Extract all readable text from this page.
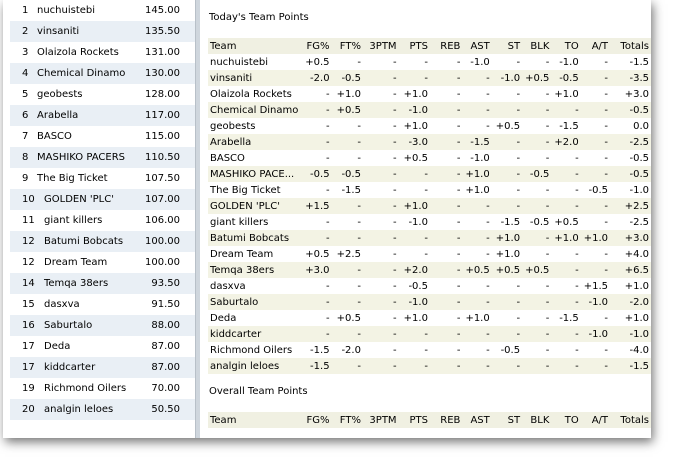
1 nuchuistebi	145.00
2 vinsaniti	135.50
3 Olaizola Rockets	131.00
4 Chemical Dinamo 130.00
5 geobests	128.00
6 Arabella	117.00
7 BASCO	115.00
8 MASHIKO PACERS 110.50
9 The Big Ticket	107.50
10 GOLDEN 'PLC'	107.00
11 giant killers	106.00
12 Batumi Bobcats 100.00
12 Dream Team	100.00
14 Temqa 38ers	93.50
15 dasxva	91.50
16 Saburtalo	88.00
17 Deda	87.00
17 kiddcarter	87.00
19 Richmond Oilers	70.00
20 analgin leloes	50.50
Today's Team Points
Team	FG%	FT%	3PTM	PTS	REB	AST	ST	BLK	TO	A/T	Totals
nuchuistebi	+0.5	-	-	-	-	-1.0	-	-	-1.0	-	-1.5
vinsaniti	-2.0	-0.5	-	-	-	-	-1.0	+0.5	-0.5	-	-3.5
Olaizola Rockets	-	+1.0	-	+1.0	-	-	-	-	+1.0	-	+3.0
Chemical Dinamo	-	+0.5	-	-1.0	-	-	-	-	-	-	-0.5
geobests	-	-	-	+1.0	-	-	+0.5	-	-1.5	-	0.0
Arabella	-	-	-	-3.0	-	-1.5	-	-	+2.0	-	-2.5
BASCO	-	-	-	+0.5	-	-1.0	-	-	-	-	-0.5
MASHIKO PACE...	-0.5	-0.5	-	-	-	+1.0	-	-0.5	-	-	-0.5
The Big Ticket	-	-1.5	-	-	-	+1.0	-	-	-	-0.5	-1.0
GOLDEN 'PLC'	+1.5	-	-	+1.0	-	-	-	-	-	-	+2.5
giant killers	-	-	-	-1.0	-	-	-1.5	-0.5	+0.5	-	-2.5
Batumi Bobcats	-	-	-	-	-	-	+1.0	-	+1.0	+1.0	+3.0
Dream Team	+0.5	+2.5	-	-	-	-	+1.0	-	-	-	+4.0
Temqa 38ers	+3.0	-	-	+2.0	-	+0.5	+0.5	+0.5	-	-	+6.5
dasxva	-	-	-	-0.5	-	-	-	-	-	+1.5	+1.0
Saburtalo	-	-	-	-1.0	-	-	-	-	-	-1.0	-2.0
Deda	-	+0.5	-	+1.0	-	+1.0	-	-	-1.5	-	+1.0
kiddcarter	-	-	-	-	-	-	-	-	-	-1.0	-1.0
Richmond Oilers	-1.5	-2.0	-	-	-	-	-0.5	-	-	-	-4.0
analgin leloes	-1.5	-	-	-	-	-	-	-	-	-	-1.5
Overall Team Points
Team	FG%	FT%	3PTM	PTS	REB	AST	ST	BLK	TO	A/T	Totals
